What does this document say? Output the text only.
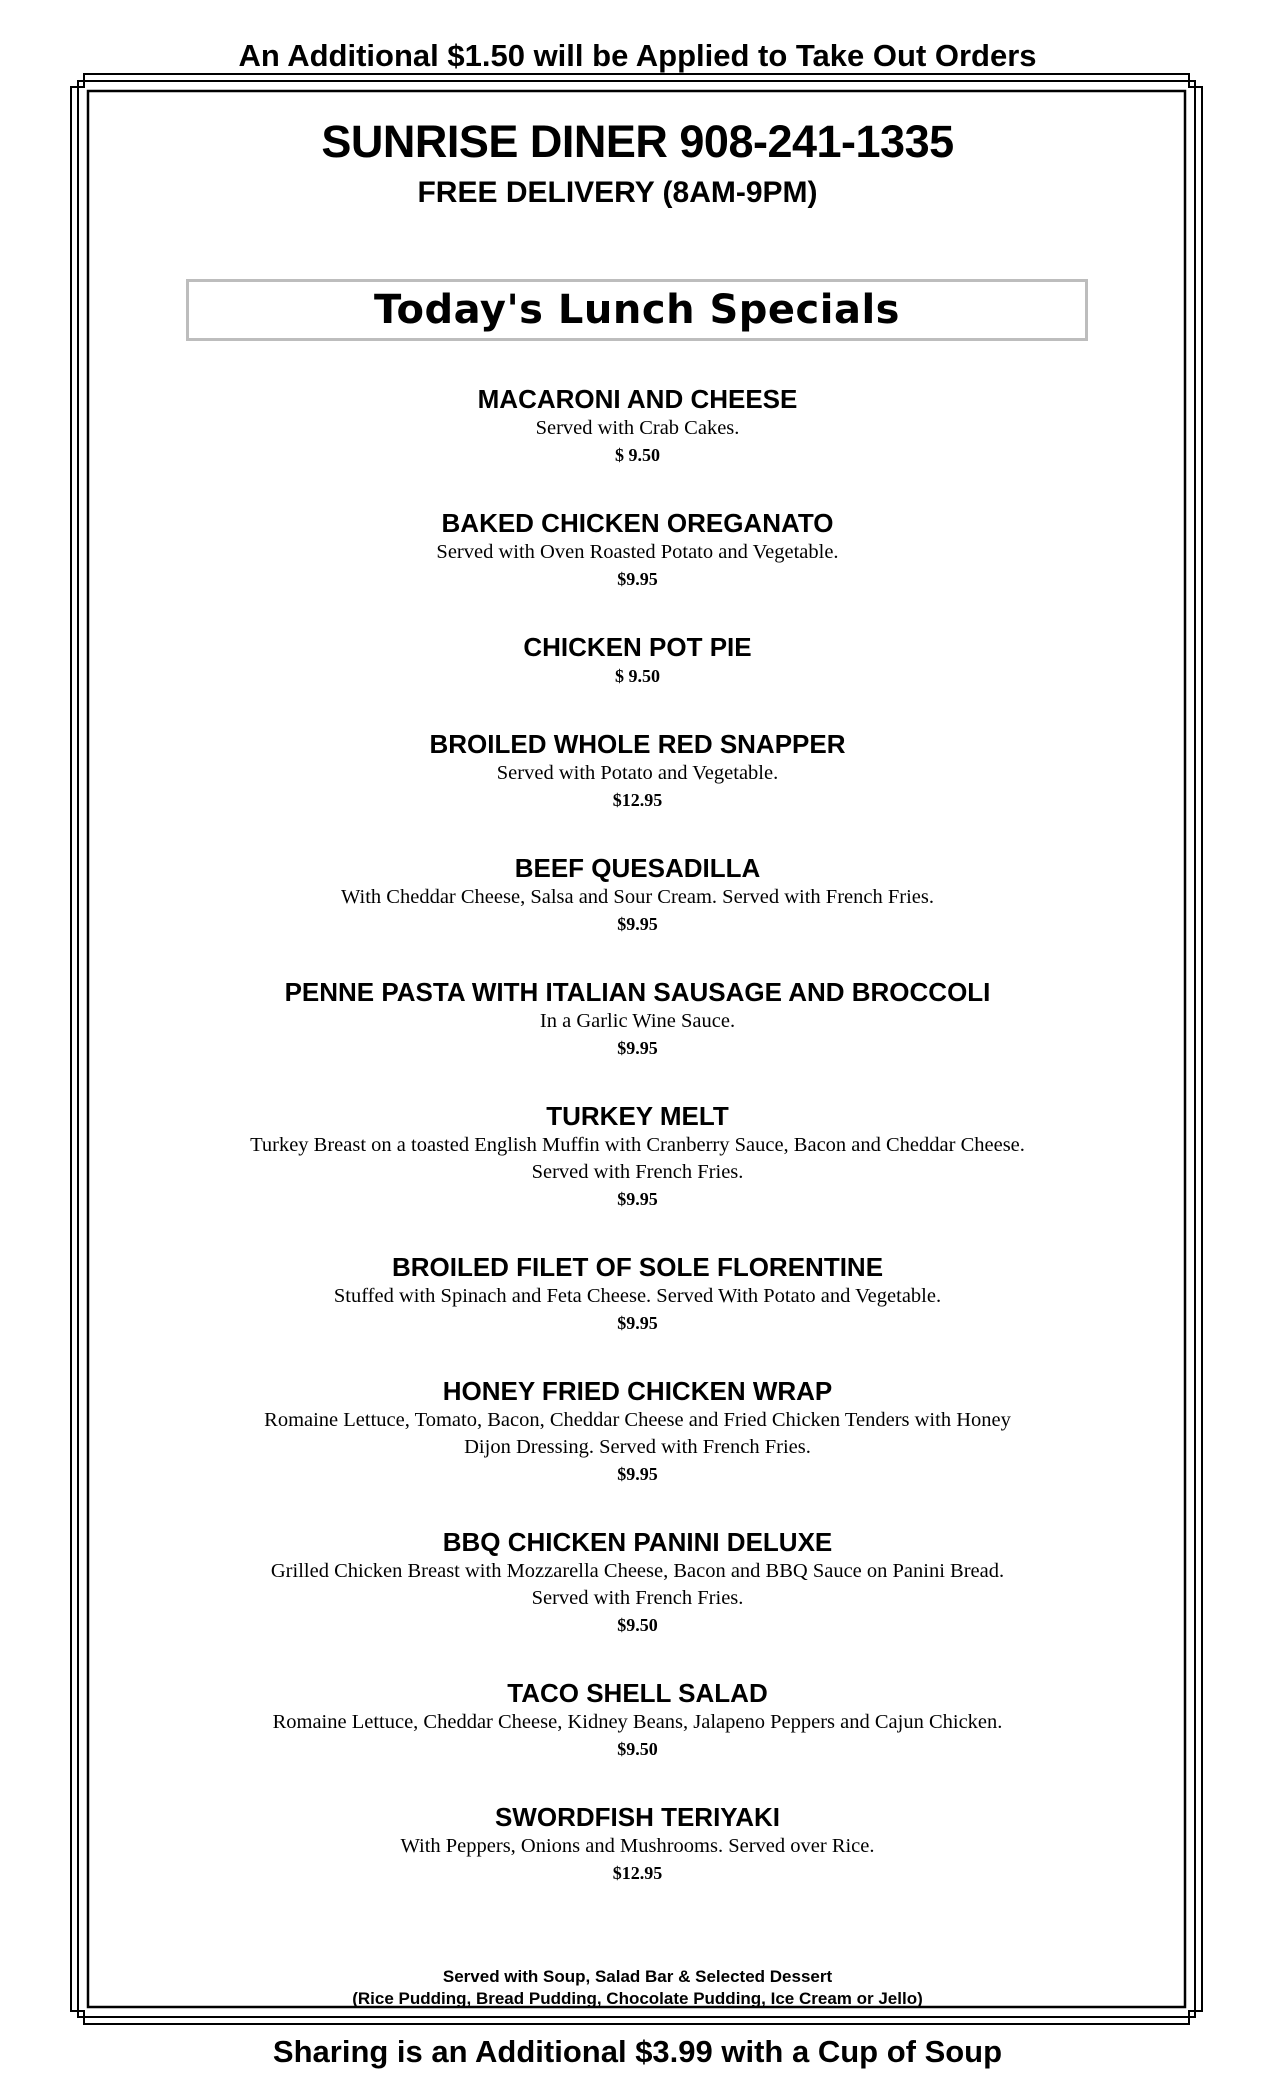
An Additional $1.50 will be Applied to Take Out Orders
SUNRISE DINER 908-241-1335
FREE DELIVERY (8AM-9PM)
Today's Lunch Specials
MACARONI AND CHEESE
Served with Crab Cakes.
$ 9.50
BAKED CHICKEN OREGANATO
Served with Oven Roasted Potato and Vegetable.
$9.95
CHICKEN POT PIE
$ 9.50
BROILED WHOLE RED SNAPPER
Served with Potato and Vegetable.
$12.95
BEEF QUESADILLA
With Cheddar Cheese, Salsa and Sour Cream. Served with French Fries.
$9.95
PENNE PASTA WITH ITALIAN SAUSAGE AND BROCCOLI
In a Garlic Wine Sauce.
$9.95
TURKEY MELT
Turkey Breast on a toasted English Muffin with Cranberry Sauce, Bacon and Cheddar Cheese.
Served with French Fries.
$9.95
BROILED FILET OF SOLE FLORENTINE
Stuffed with Spinach and Feta Cheese. Served With Potato and Vegetable.
$9.95
HONEY FRIED CHICKEN WRAP
Romaine Lettuce, Tomato, Bacon, Cheddar Cheese and Fried Chicken Tenders with Honey
Dijon Dressing. Served with French Fries.
$9.95
BBQ CHICKEN PANINI DELUXE
Grilled Chicken Breast with Mozzarella Cheese, Bacon and BBQ Sauce on Panini Bread.
Served with French Fries.
$9.50
TACO SHELL SALAD
Romaine Lettuce, Cheddar Cheese, Kidney Beans, Jalapeno Peppers and Cajun Chicken.
$9.50
SWORDFISH TERIYAKI
With Peppers, Onions and Mushrooms. Served over Rice.
$12.95
Served with Soup, Salad Bar & Selected Dessert
(Rice Pudding, Bread Pudding, Chocolate Pudding, Ice Cream or Jello)
Sharing is an Additional $3.99 with a Cup of Soup
